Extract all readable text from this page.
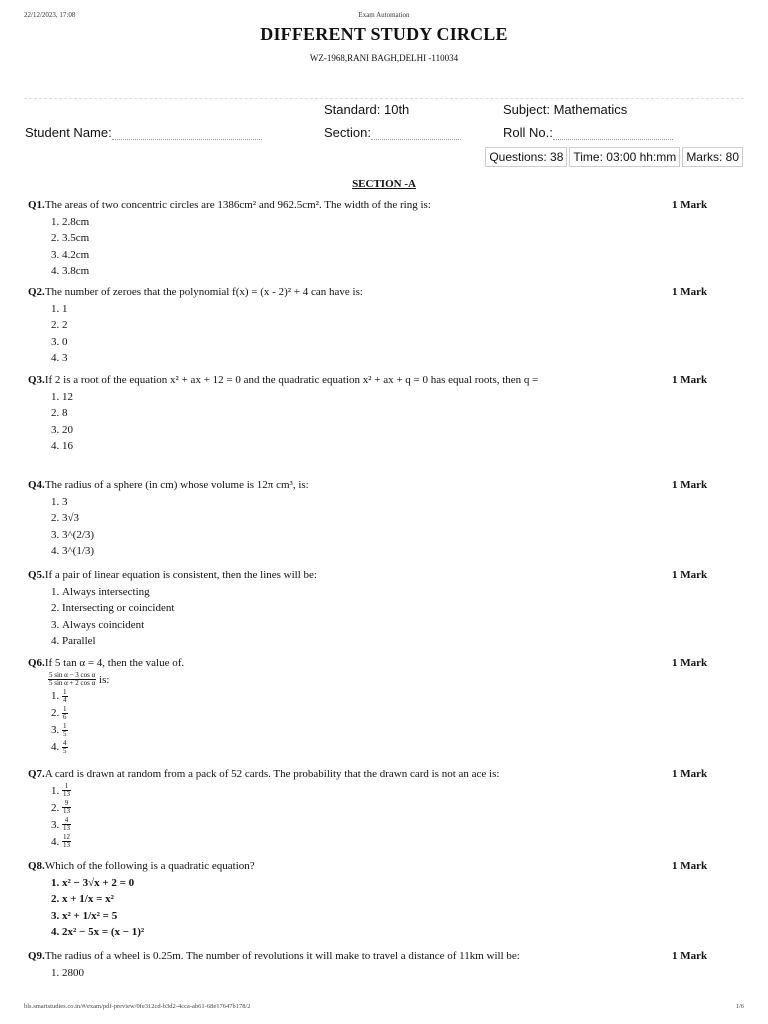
22/12/2023, 17:08	Exam Automation
DIFFERENT STUDY CIRCLE
WZ-1968,RANI BAGH,DELHI -110034
Standard: 10th	Subject: Mathematics
Student Name:	Section:	Roll No.:
Questions: 38 Time: 03:00 hh:mm Marks: 80
SECTION -A
Q1.The areas of two concentric circles are 1386cm² and 962.5cm². The width of the ring is:	1 Mark
1. 2.8cm
2. 3.5cm
3. 4.2cm
4. 3.8cm
Q2.The number of zeroes that the polynomial f(x) = (x - 2)² + 4 can have is:	1 Mark
1. 1
2. 2
3. 0
4. 3
Q3.If 2 is a root of the equation x² + ax + 12 = 0 and the quadratic equation x² + ax + q = 0 has equal roots, then q =	1 Mark
1. 12
2. 8
3. 20
4. 16
Q4.The radius of a sphere (in cm) whose volume is 12π cm³, is:	1 Mark
1. 3
2. 3√3
3. 3^(2/3)
4. 3^(1/3)
Q5.If a pair of linear equation is consistent, then the lines will be:	1 Mark
1. Always intersecting
2. Intersecting or coincident
3. Always coincident
4. Parallel
Q6.If 5 tan α = 4, then the value of.	1 Mark
$\frac{\text{5 sin α − 3 cos α}}{\text{5 sin α + 2 cos α}}$ is:
1. $\frac{1}{4}$
2. $\frac{1}{6}$
3. $\frac{1}{5}$
4. $\frac{4}{5}$
Q7.A card is drawn at random from a pack of 52 cards. The probability that the drawn card is not an ace is:	1 Mark
1. $\frac{1}{13}$
2. $\frac{9}{13}$
3. $\frac{4}{13}$
4. $\frac{12}{13}$
Q8.Which of the following is a quadratic equation?	1 Mark
1. x² − 3√x + 2 = 0
2. x + 1/x = x²
3. x² + 1/x² = 5
4. 2x² − 5x = (x − 1)²
Q9.The radius of a wheel is 0.25m. The number of revolutions it will make to travel a distance of 11km will be:	1 Mark
1. 2800
bls.smartstudies.co.in/#/exam/pdf-preview/0fe312cd-b3d2-4cca-ab61-68e17647b178/2	1/6
